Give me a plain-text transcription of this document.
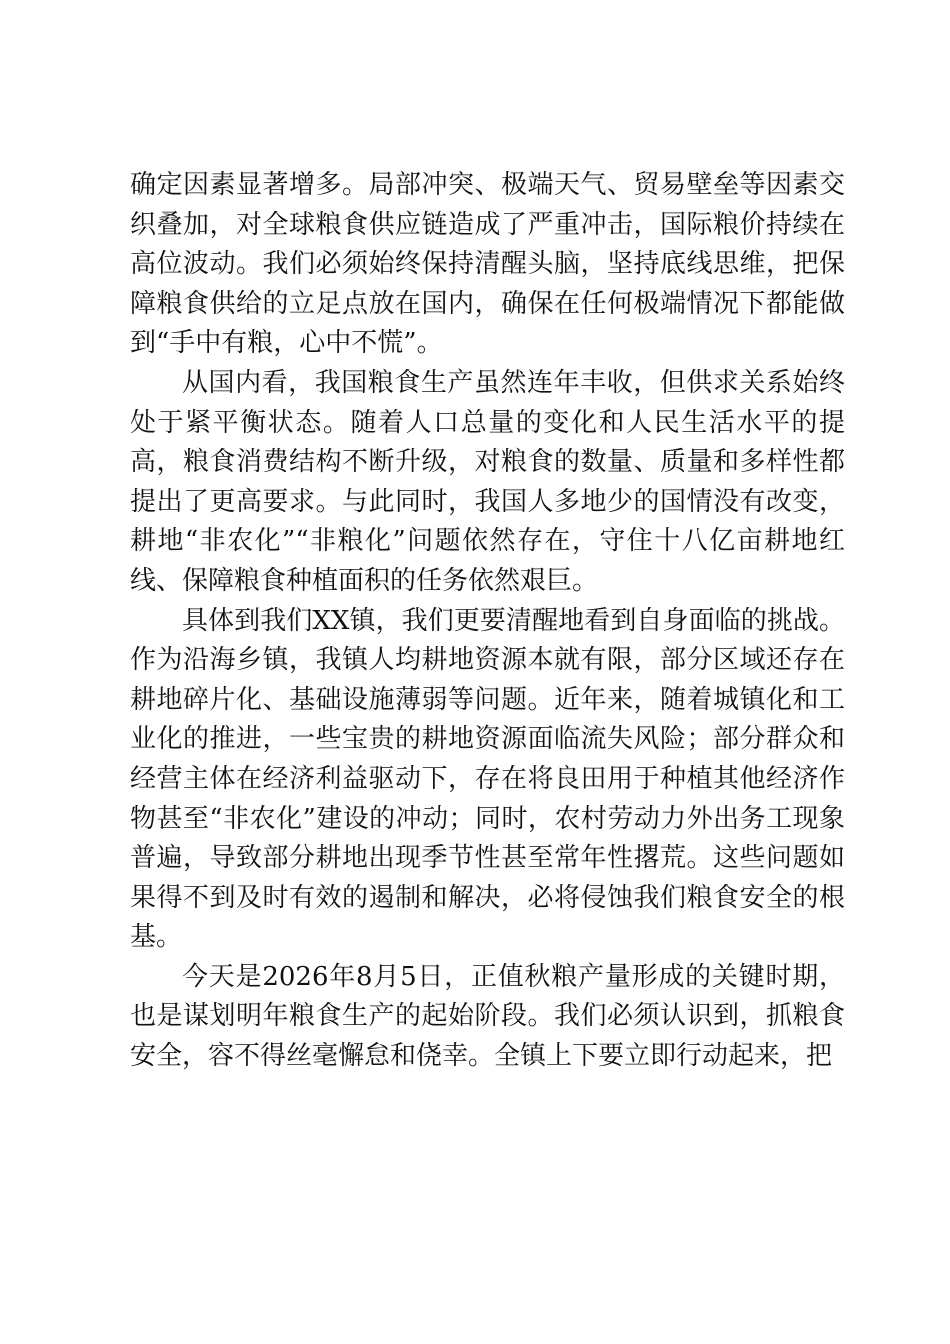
确定因素显著增多。局部冲突、极端天气、贸易壁垒等因素交织叠加，对全球粮食供应链造成了严重冲击，国际粮价持续在高位波动。我们必须始终保持清醒头脑，坚持底线思维，把保障粮食供给的立足点放在国内，确保在任何极端情况下都能做到“手中有粮，心中不慌”。

从国内看，我国粮食生产虽然连年丰收，但供求关系始终处于紧平衡状态。随着人口总量的变化和人民生活水平的提高，粮食消费结构不断升级，对粮食的数量、质量和多样性都提出了更高要求。与此同时，我国人多地少的国情没有改变，耕地“非农化”“非粮化”问题依然存在，守住十八亿亩耕地红线、保障粮食种植面积的任务依然艰巨。

具体到我们XX镇，我们更要清醒地看到自身面临的挑战。作为沿海乡镇，我镇人均耕地资源本就有限，部分区域还存在耕地碎片化、基础设施薄弱等问题。近年来，随着城镇化和工业化的推进，一些宝贵的耕地资源面临流失风险；部分群众和经营主体在经济利益驱动下，存在将良田用于种植其他经济作物甚至“非农化”建设的冲动；同时，农村劳动力外出务工现象普遍，导致部分耕地出现季节性甚至常年性撂荒。这些问题如果得不到及时有效的遏制和解决，必将侵蚀我们粮食安全的根基。

今天是2026年8月5日，正值秋粮产量形成的关键时期，也是谋划明年粮食生产的起始阶段。我们必须认识到，抓粮食安全，容不得丝毫懈怠和侥幸。全镇上下要立即行动起来，把
